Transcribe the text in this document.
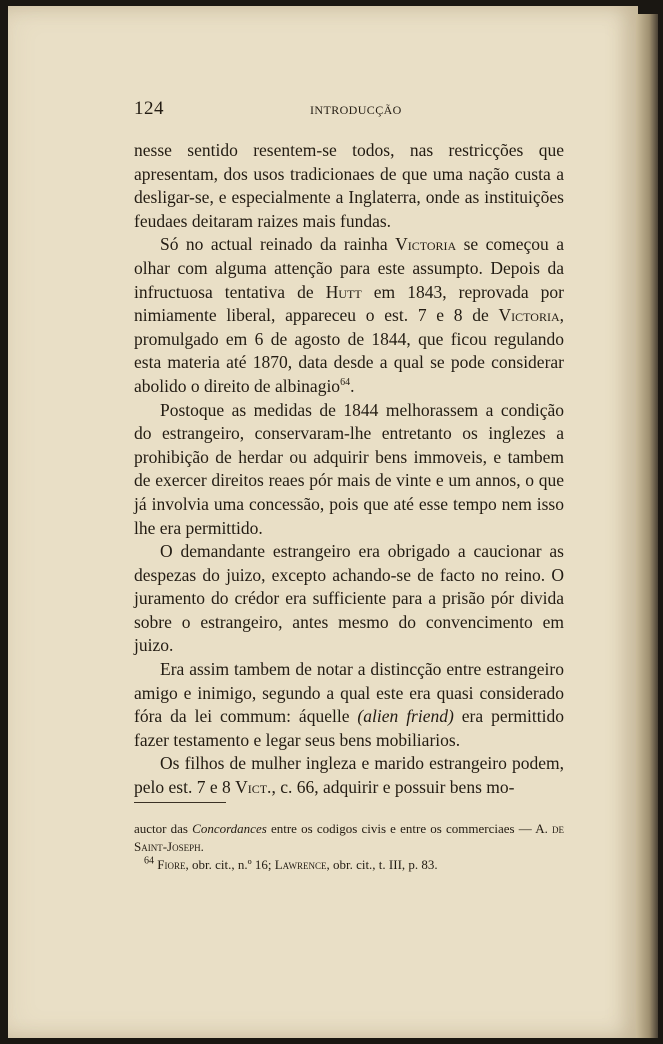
124	INTRODUCÇÃO

nesse sentido resentem-se todos, nas restricções que apresentam, dos usos tradicionaes de que uma nação custa a desligar-se, e especialmente a Inglaterra, onde as instituições feudaes deitaram raizes mais fundas.

Só no actual reinado da rainha Victoria se começou a olhar com alguma attenção para este assumpto. Depois da infructuosa tentativa de Hutt em 1843, reprovada por nimiamente liberal, appareceu o est. 7 e 8 de Victoria, promulgado em 6 de agosto de 1844, que ficou regulando esta materia até 1870, data desde a qual se pode considerar abolido o direito de albinagio$^{64}$.

Postoque as medidas de 1844 melhorassem a condição do estrangeiro, conservaram-lhe entretanto os inglezes a prohibição de herdar ou adquirir bens immoveis, e tambem de exercer direitos reaes pór mais de vinte e um annos, o que já involvia uma concessão, pois que até esse tempo nem isso lhe era permittido.

O demandante estrangeiro era obrigado a caucionar as despezas do juizo, excepto achando-se de facto no reino. O juramento do crédor era sufficiente para a prisão pór divida sobre o estrangeiro, antes mesmo do convencimento em juizo.

Era assim tambem de notar a distincção entre estrangeiro amigo e inimigo, segundo a qual este era quasi considerado fóra da lei commum: áquelle (alien friend) era permittido fazer testamento e legar seus bens mobiliarios.

Os filhos de mulher ingleza e marido estrangeiro podem, pelo est. 7 e 8 Vict., c. 66, adquirir e possuir bens mo-

auctor das Concordances entre os codigos civis e entre os commerciaes — A. de Saint-Joseph.

$^{64}$ Fiore, obr. cit., n.º 16; Lawrence, obr. cit., t. III, p. 83.
